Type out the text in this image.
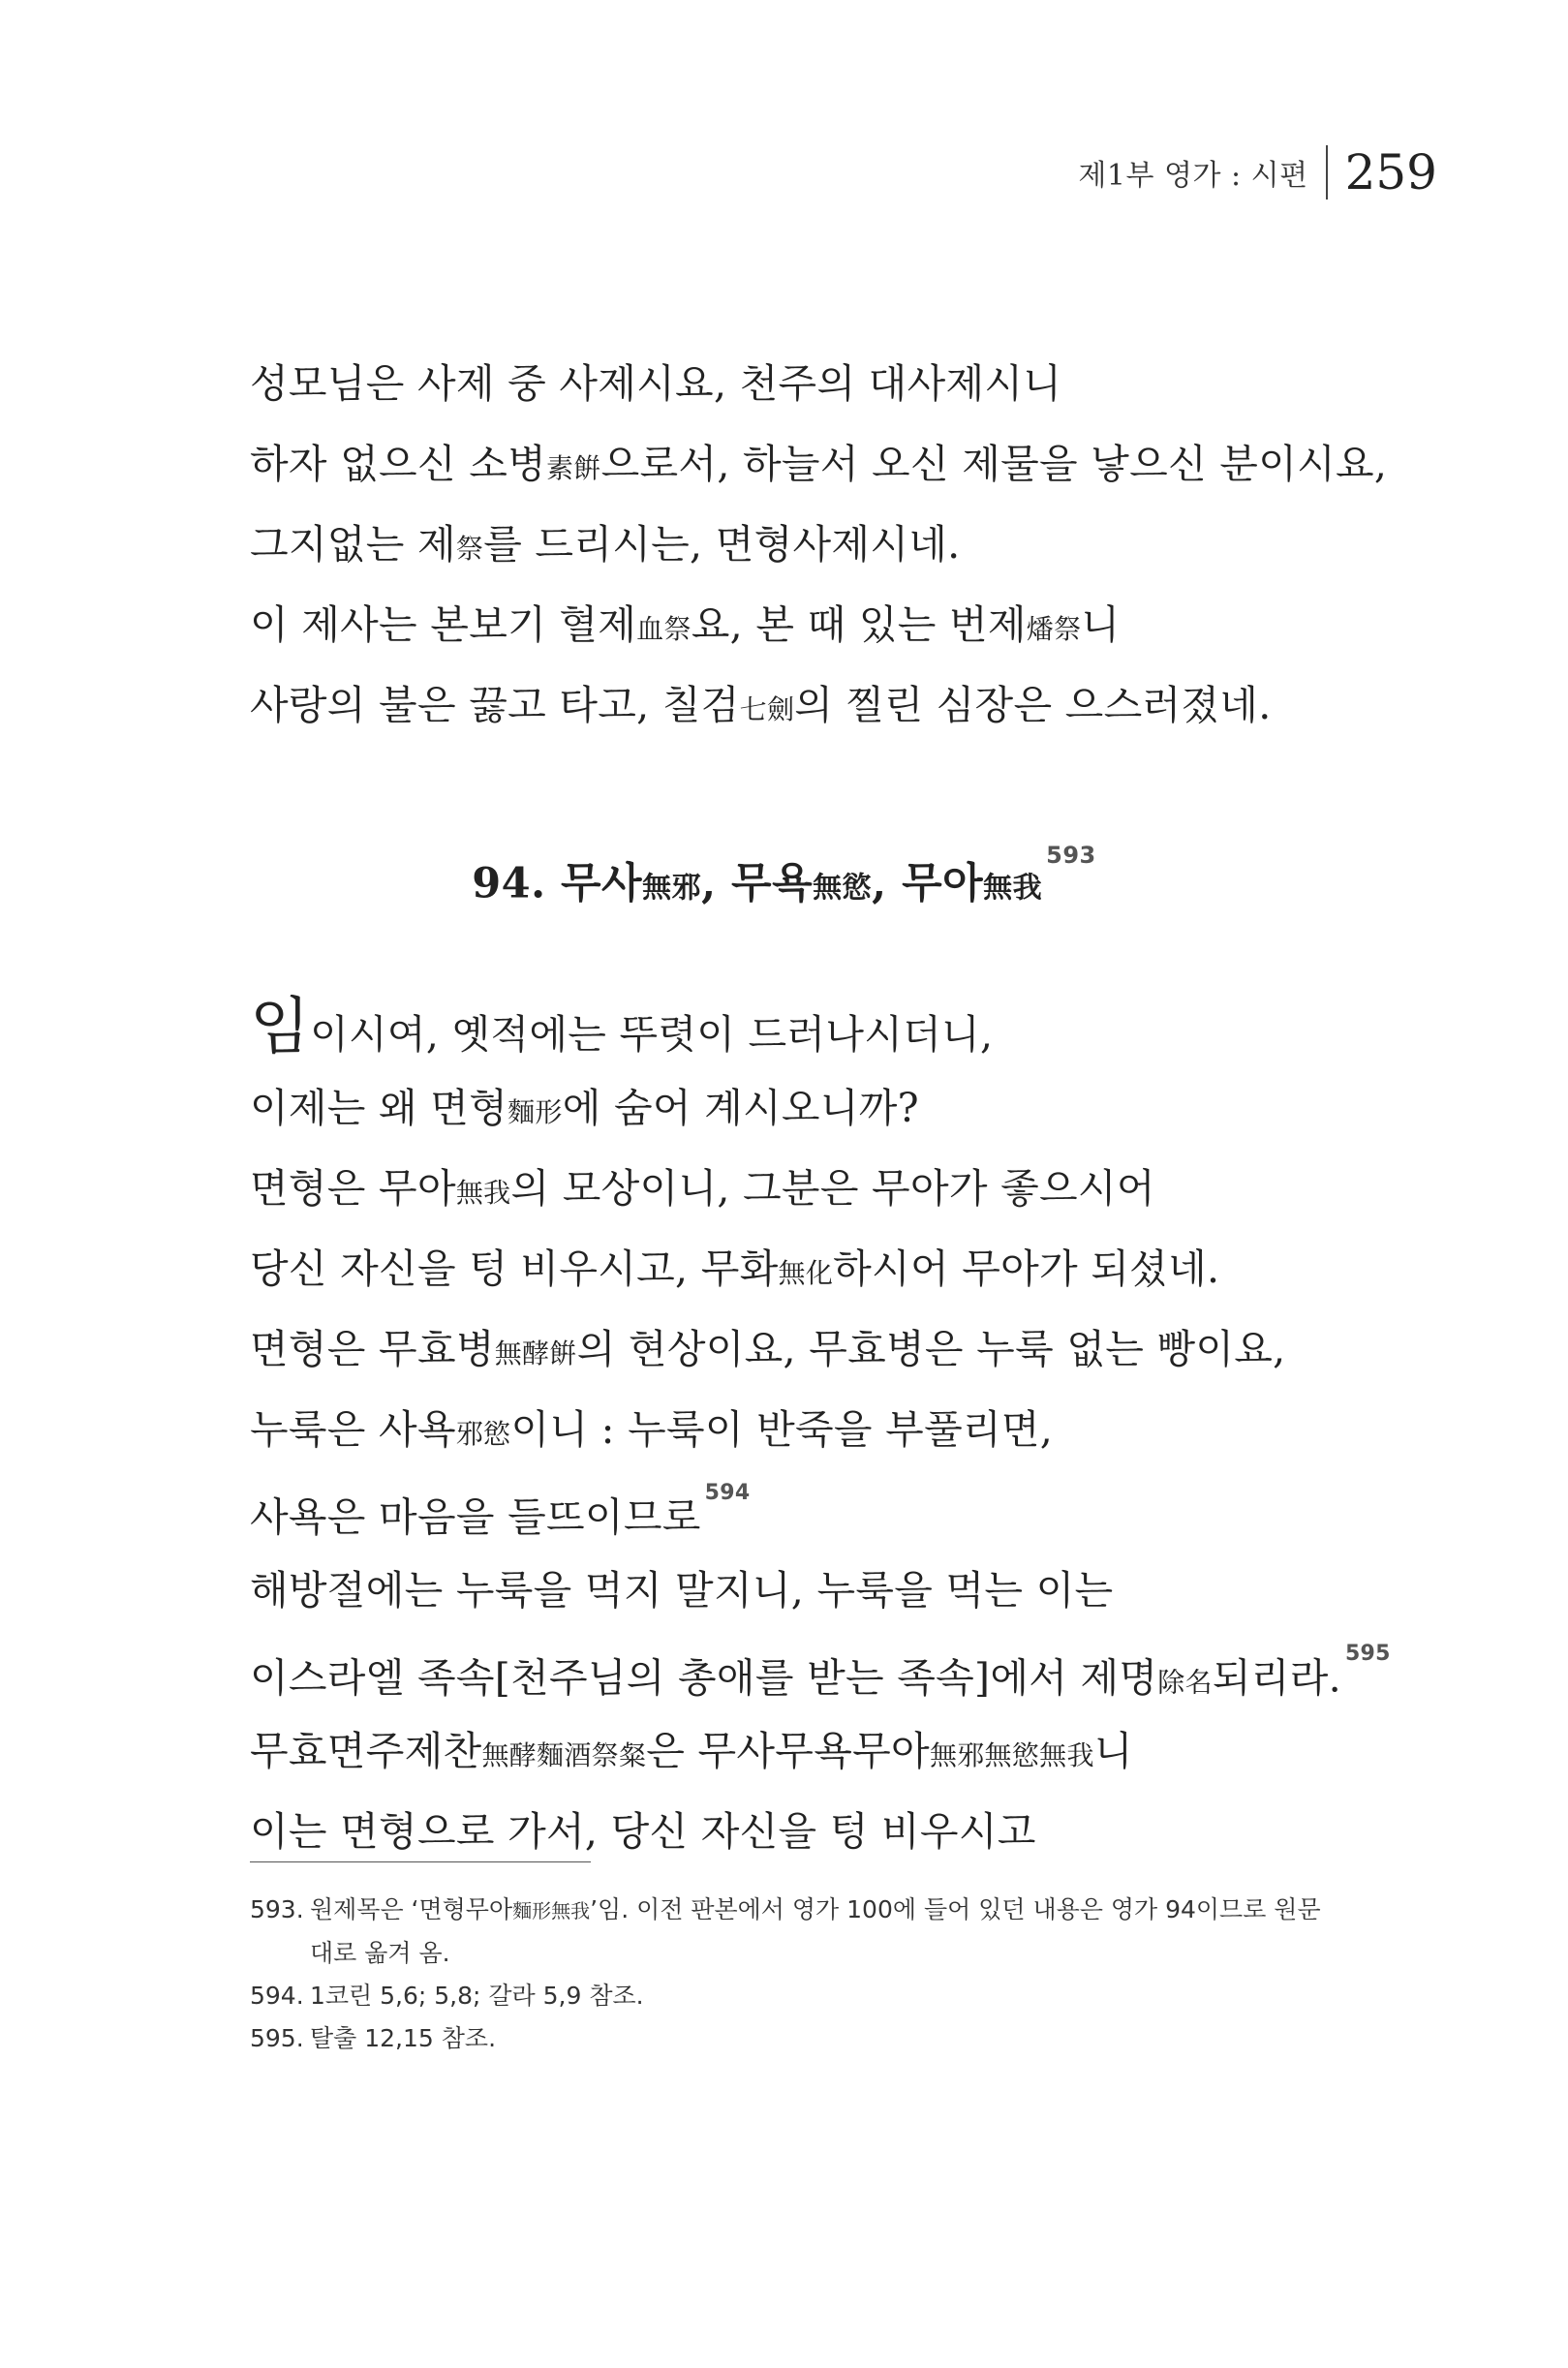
제1부 영가 : 시편 259
성모님은 사제 중 사제시요, 천주의 대사제시니
하자 없으신 소병素餠으로서, 하늘서 오신 제물을 낳으신 분이시요,
그지없는 제祭를 드리시는, 면형사제시네.
이 제사는 본보기 혈제血祭요, 본 때 있는 번제燔祭니
사랑의 불은 끓고 타고, 칠검七劍의 찔린 심장은 으스러졌네.
94. 무사無邪, 무욕無慾, 무아無我$^{593}$
임이시여, 옛적에는 뚜렷이 드러나시더니,
이제는 왜 면형麵形에 숨어 계시오니까?
면형은 무아無我의 모상이니, 그분은 무아가 좋으시어
당신 자신을 텅 비우시고, 무화無化하시어 무아가 되셨네.
면형은 무효병無酵餠의 현상이요, 무효병은 누룩 없는 빵이요,
누룩은 사욕邪慾이니 : 누룩이 반죽을 부풀리면,
사욕은 마음을 들뜨이므로$^{594}$
해방절에는 누룩을 먹지 말지니, 누룩을 먹는 이는
이스라엘 족속[천주님의 총애를 받는 족속]에서 제명除名되리라.$^{595}$
무효면주제찬無酵麵酒祭粲은 무사무욕무아無邪無慾無我니
이는 면형으로 가서, 당신 자신을 텅 비우시고
593. 원제목은 ‘면형무아麵形無我’임. 이전 판본에서 영가 100에 들어 있던 내용은 영가 94이므로 원문대로 옮겨 옴.
594. 1코린 5,6; 5,8; 갈라 5,9 참조.
595. 탈출 12,15 참조.
